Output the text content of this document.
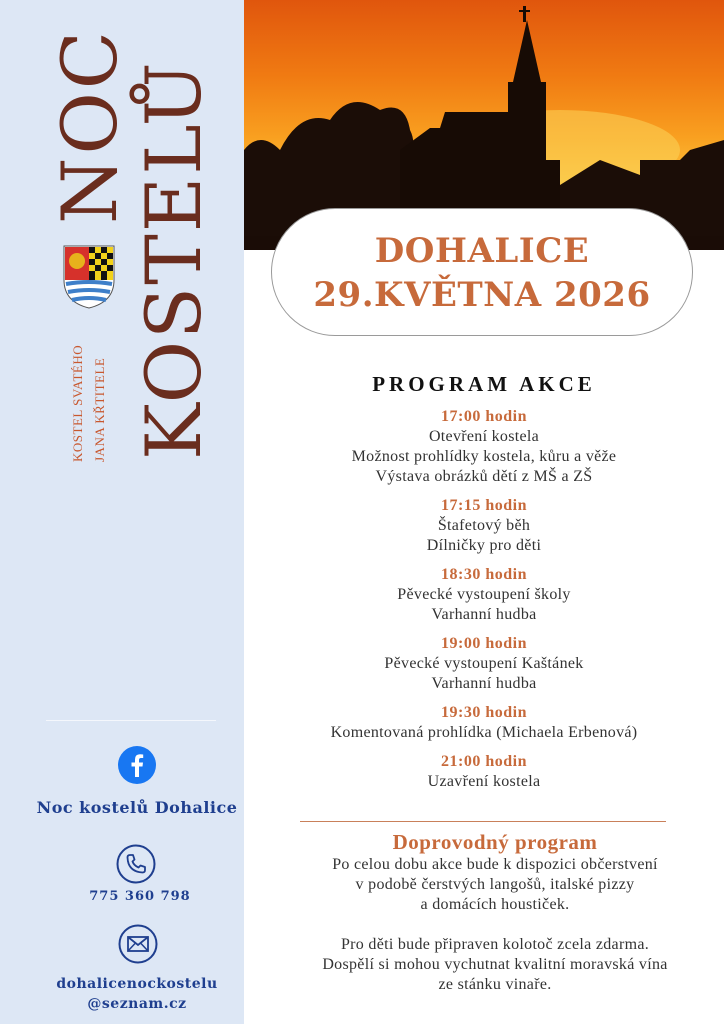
NOC
KOSTELŮ
KOSTEL SVATÉHO JANA KŘTITELE
Noc kostelů Dohalice
775 360 798
dohalicenockostelu
@seznam.cz
DOHALICE
29.KVĚTNA 2026
PROGRAM AKCE
17:00 hodin
Otevření kostela
Možnost prohlídky kostela, kůru a věže
Výstava obrázků dětí z MŠ a ZŠ
17:15 hodin
Štafetový běh
Dílničky pro děti
18:30 hodin
Pěvecké vystoupení školy
Varhanní hudba
19:00 hodin
Pěvecké vystoupení Kaštánek
Varhanní hudba
19:30 hodin
Komentovaná prohlídka (Michaela Erbenová)
21:00 hodin
Uzavření kostela
Doprovodný program
Po celou dobu akce bude k dispozici občerstvení
v podobě čerstvých langošů, italské pizzy
a domácích houstiček.
Pro děti bude připraven kolotoč zcela zdarma.
Dospělí si mohou vychutnat kvalitní moravská vína
ze stánku vinaře.
